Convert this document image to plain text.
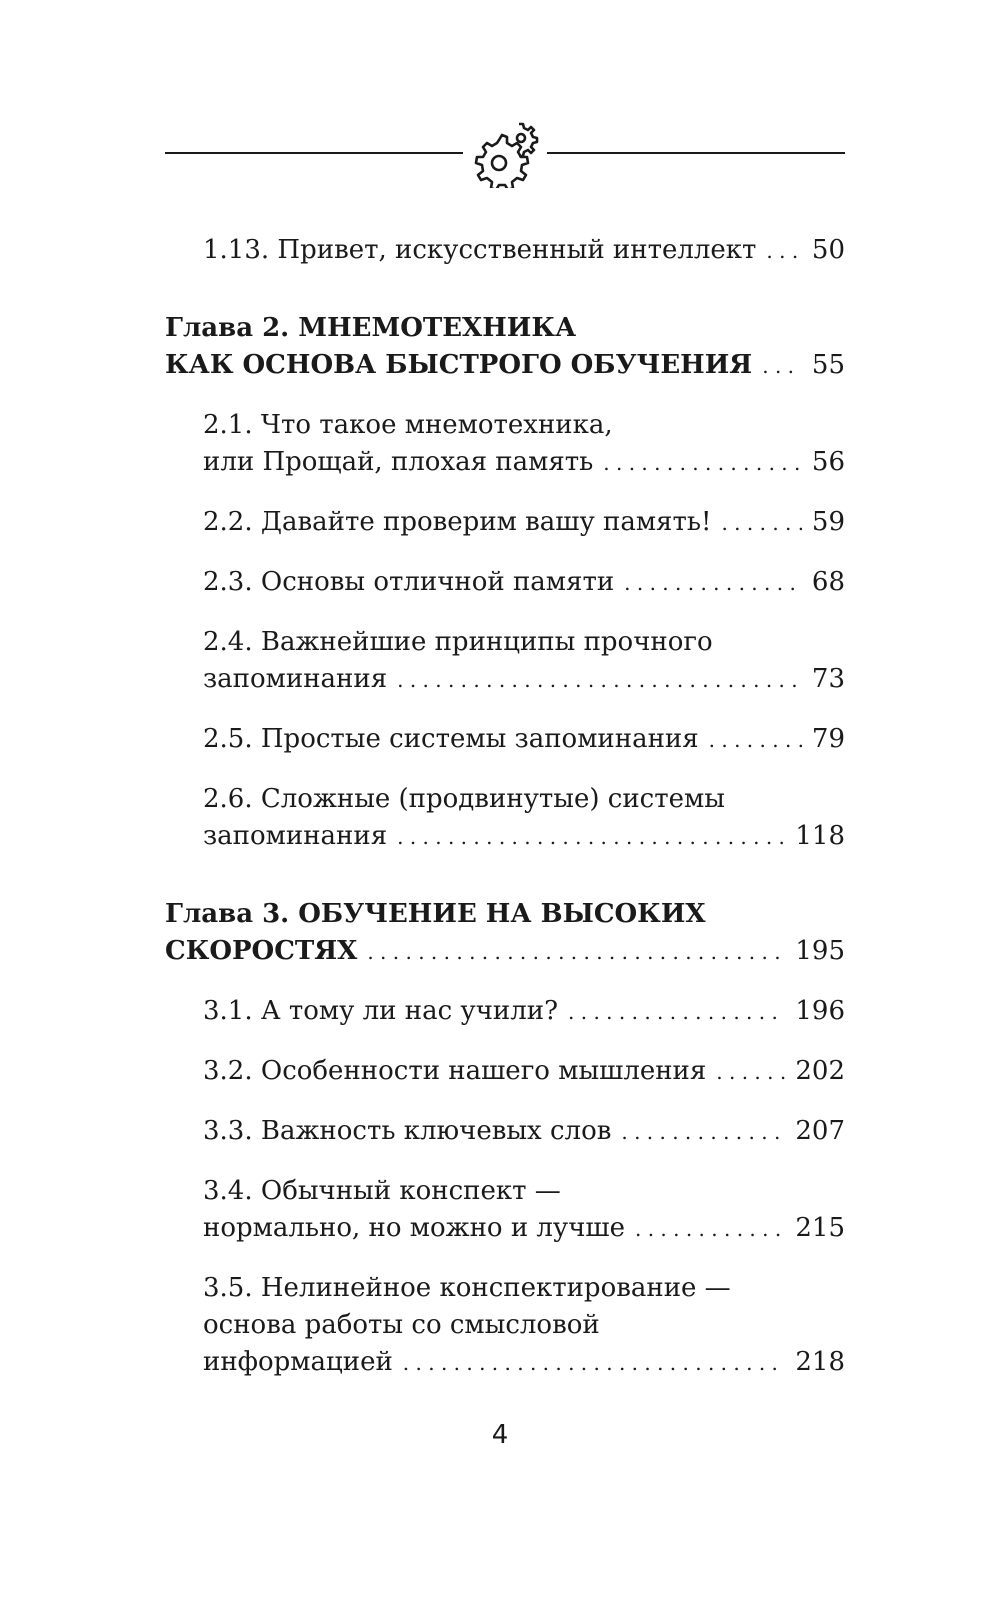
1.13. Привет, искусственный интеллект . . . 50
Глава 2. МНЕМОТЕХНИКА
КАК ОСНОВА БЫСТРОГО ОБУЧЕНИЯ . . . 55
2.1. Что такое мнемотехника,
или Прощай, плохая память . . .	56
2.2. Давайте проверим вашу память! . . .	59
2.3. Основы отличной памяти . . .	68
2.4. Важнейшие принципы прочного
запоминания . . .	73
2.5. Простые системы запоминания . . .	79
2.6. Сложные (продвинутые) системы
запоминания . . .	118
Глава 3. ОБУЧЕНИЕ НА ВЫСОКИХ
СКОРОСТЯХ . . .	195
3.1. А тому ли нас учили? . . .	196
3.2. Особенности нашего мышления . . .	202
3.3. Важность ключевых слов . . .	207
3.4. Обычный конспект —
нормально, но можно и лучше . . .	215
3.5. Нелинейное конспектирование —
основа работы со смысловой
информацией . . .	218
4
